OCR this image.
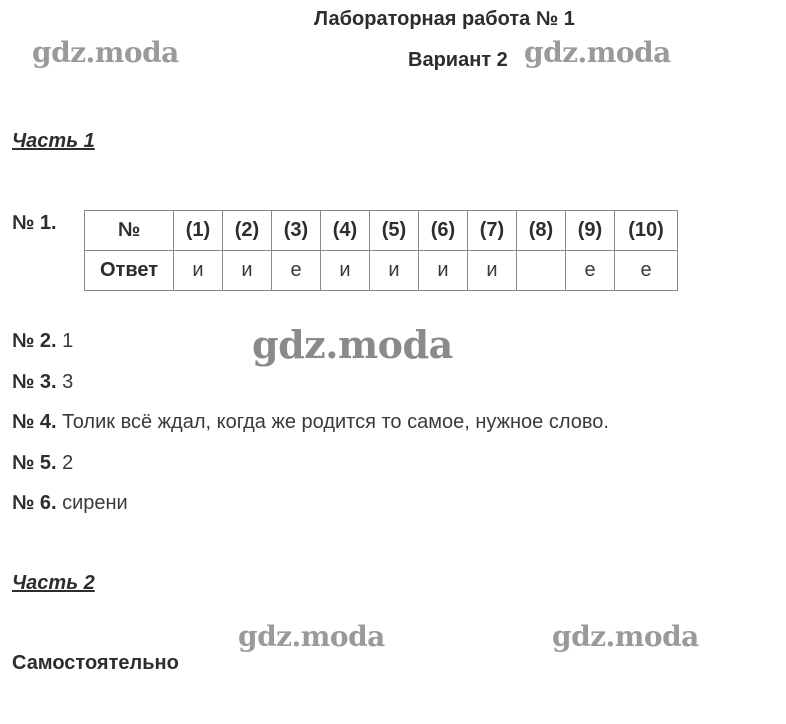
Лабораторная работа № 1
Вариант 2
gdz.moda	gdz.moda
Часть 1
№ 1.	№	(1)	(2)	(3)	(4)	(5)	(6)	(7)	(8)	(9)	(10)
Ответ	и	и	е	и	и	и	и		е	е
gdz.moda
№ 2. 1
№ 3. 3
№ 4. Толик всё ждал, когда же родится то самое, нужное слово.
№ 5. 2
№ 6. сирени
Часть 2
gdz.moda	gdz.moda
Самостоятельно
